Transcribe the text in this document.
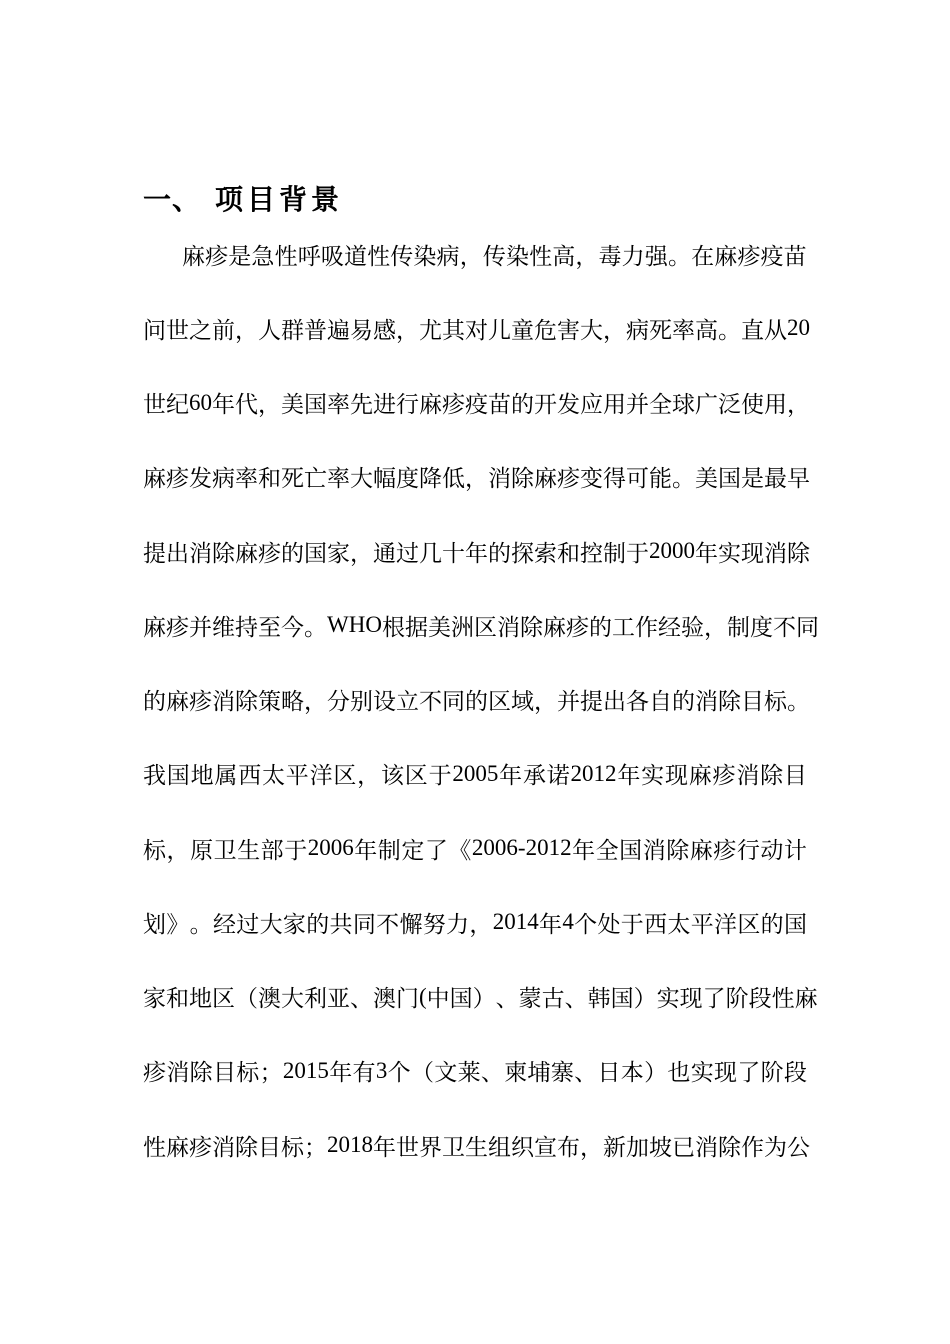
一、 项目背景
麻 疹 是 急 性 呼 吸 道 性 传 染 病 ， 传 染 性 高 ， 毒 力 强 。 在 麻 疹 疫 苗
问 世 之 前 ， 人 群 普 遍 易 感 ， 尤 其 对 儿 童 危 害 大 ， 病 死 率 高 。 直 从 20
世 纪 60 年 代 ， 美 国 率 先 进 行 麻 疹 疫 苗 的 开 发 应 用 并 全 球 广 泛 使 用 ，
麻 疹 发 病 率 和 死 亡 率 大 幅 度 降 低 ， 消 除 麻 疹 变 得 可 能 。 美 国 是 最 早
提 出 消 除 麻 疹 的 国 家 ， 通 过 几 十 年 的 探 索 和 控 制 于 2000 年 实 现 消 除
麻 疹 并 维 持 至 今 。 WHO 根 据 美 洲 区 消 除 麻 疹 的 工 作 经 验 ， 制 度 不 同
的 麻 疹 消 除 策 略 ， 分 别 设 立 不 同 的 区 域 ， 并 提 出 各 自 的 消 除 目 标 。
我 国 地 属 西 太 平 洋 区 ， 该 区 于 2005 年 承 诺 2012 年 实 现 麻 疹 消 除 目
标 ， 原 卫 生 部 于 2006 年 制 定 了 《 2006-2012 年 全 国 消 除 麻 疹 行 动 计
划 》 。 经 过 大 家 的 共 同 不 懈 努 力 ， 2014 年 4 个 处 于 西 太 平 洋 区 的 国
家 和 地 区 （ 澳 大 利 亚 、 澳 门 ( 中 国 ） 、 蒙 古 、 韩 国 ） 实 现 了 阶 段 性 麻
疹 消 除 目 标 ； 2015 年 有 3 个 （ 文 莱 、 柬 埔 寨 、 日 本 ） 也 实 现 了 阶 段
性 麻 疹 消 除 目 标 ； 2018 年 世 界 卫 生 组 织 宣 布 ， 新 加 坡 已 消 除 作 为 公
